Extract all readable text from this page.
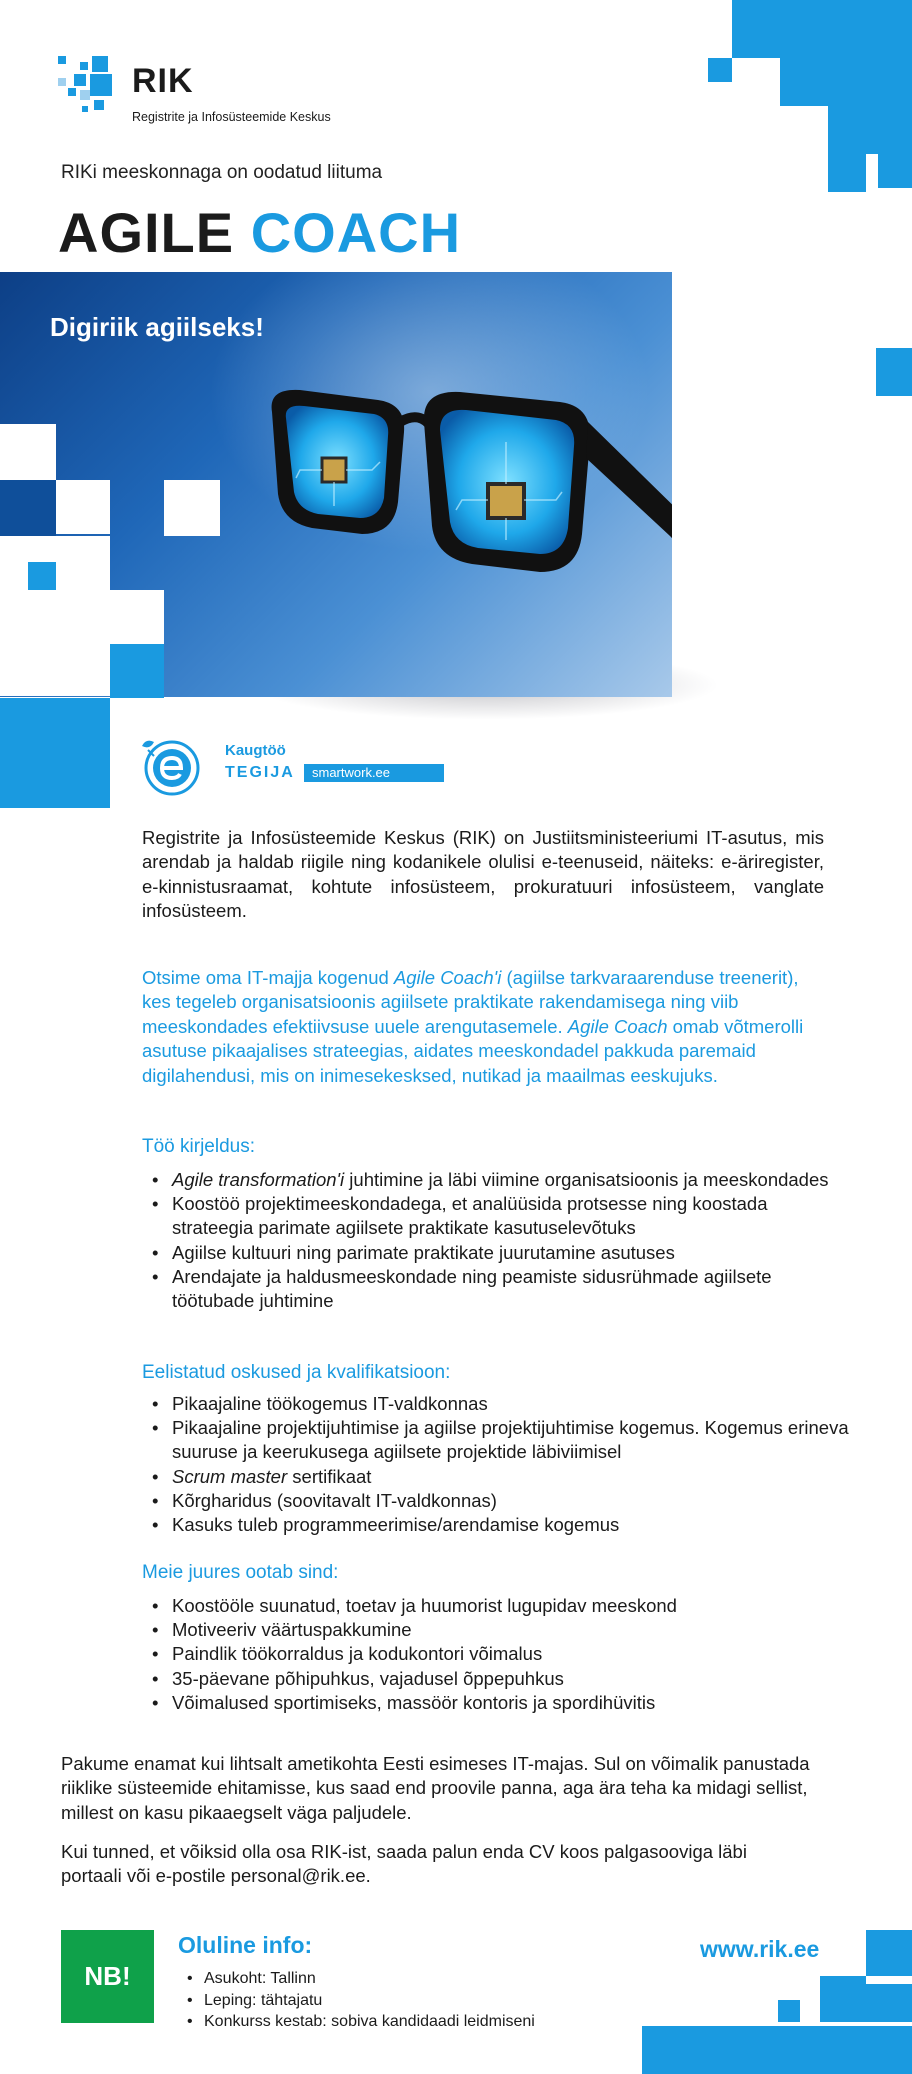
RIK
Registrite ja Infosüsteemide Keskus
RIKi meeskonnaga on oodatud liituma
AGILE COACH
Digiriik agiilseks!
Kaugtöö
TEGIJA	smartwork.ee
Registrite ja Infosüsteemide Keskus (RIK) on Justiitsministeeriumi IT-asutus, mis arendab ja haldab riigile ning kodanikele olulisi e-teenuseid, näiteks: e-äriregister, e-kinnistusraamat, kohtute infosüsteem, prokuratuuri infosüsteem, vanglate infosüsteem.
Otsime oma IT-majja kogenud Agile Coach'i (agiilse tarkvaraarenduse treenerit), kes tegeleb organisatsioonis agiilsete praktikate rakendamisega ning viib meeskondades efektiivsuse uuele arengutasemele. Agile Coach omab võtmerolli asutuse pikaajalises strateegias, aidates meeskondadel pakkuda paremaid digilahendusi, mis on inimesekesksed, nutikad ja maailmas eeskujuks.
Töö kirjeldus:
• Agile transformation'i juhtimine ja läbi viimine organisatsioonis ja meeskondades
• Koostöö projektimeeskondadega, et analüüsida protsesse ning koostada strateegia parimate agiilsete praktikate kasutuselevõtuks
• Agiilse kultuuri ning parimate praktikate juurutamine asutuses
• Arendajate ja haldusmeeskondade ning peamiste sidusrühmade agiilsete töötubade juhtimine
Eelistatud oskused ja kvalifikatsioon:
• Pikaajaline töökogemus IT-valdkonnas
• Pikaajaline projektijuhtimise ja agiilse projektijuhtimise kogemus. Kogemus erineva suuruse ja keerukusega agiilsete projektide läbiviimisel
• Scrum master sertifikaat
• Kõrgharidus (soovitavalt IT-valdkonnas)
• Kasuks tuleb programmeerimise/arendamise kogemus
Meie juures ootab sind:
• Koostööle suunatud, toetav ja huumorist lugupidav meeskond
• Motiveeriv väärtuspakkumine
• Paindlik töökorraldus ja kodukontori võimalus
• 35-päevane põhipuhkus, vajadusel õppepuhkus
• Võimalused sportimiseks, massöör kontoris ja spordihüvitis
Pakume enamat kui lihtsalt ametikohta Eesti esimeses IT-majas. Sul on võimalik panustada riiklike süsteemide ehitamisse, kus saad end proovile panna, aga ära teha ka midagi sellist, millest on kasu pikaaegselt väga paljudele.
Kui tunned, et võiksid olla osa RIK-ist, saada palun enda CV koos palgasooviga läbi portaali või e-postile personal@rik.ee.
NB!
Oluline info:
• Asukoht: Tallinn
• Leping: tähtajatu
• Konkurss kestab: sobiva kandidaadi leidmiseni
www.rik.ee
